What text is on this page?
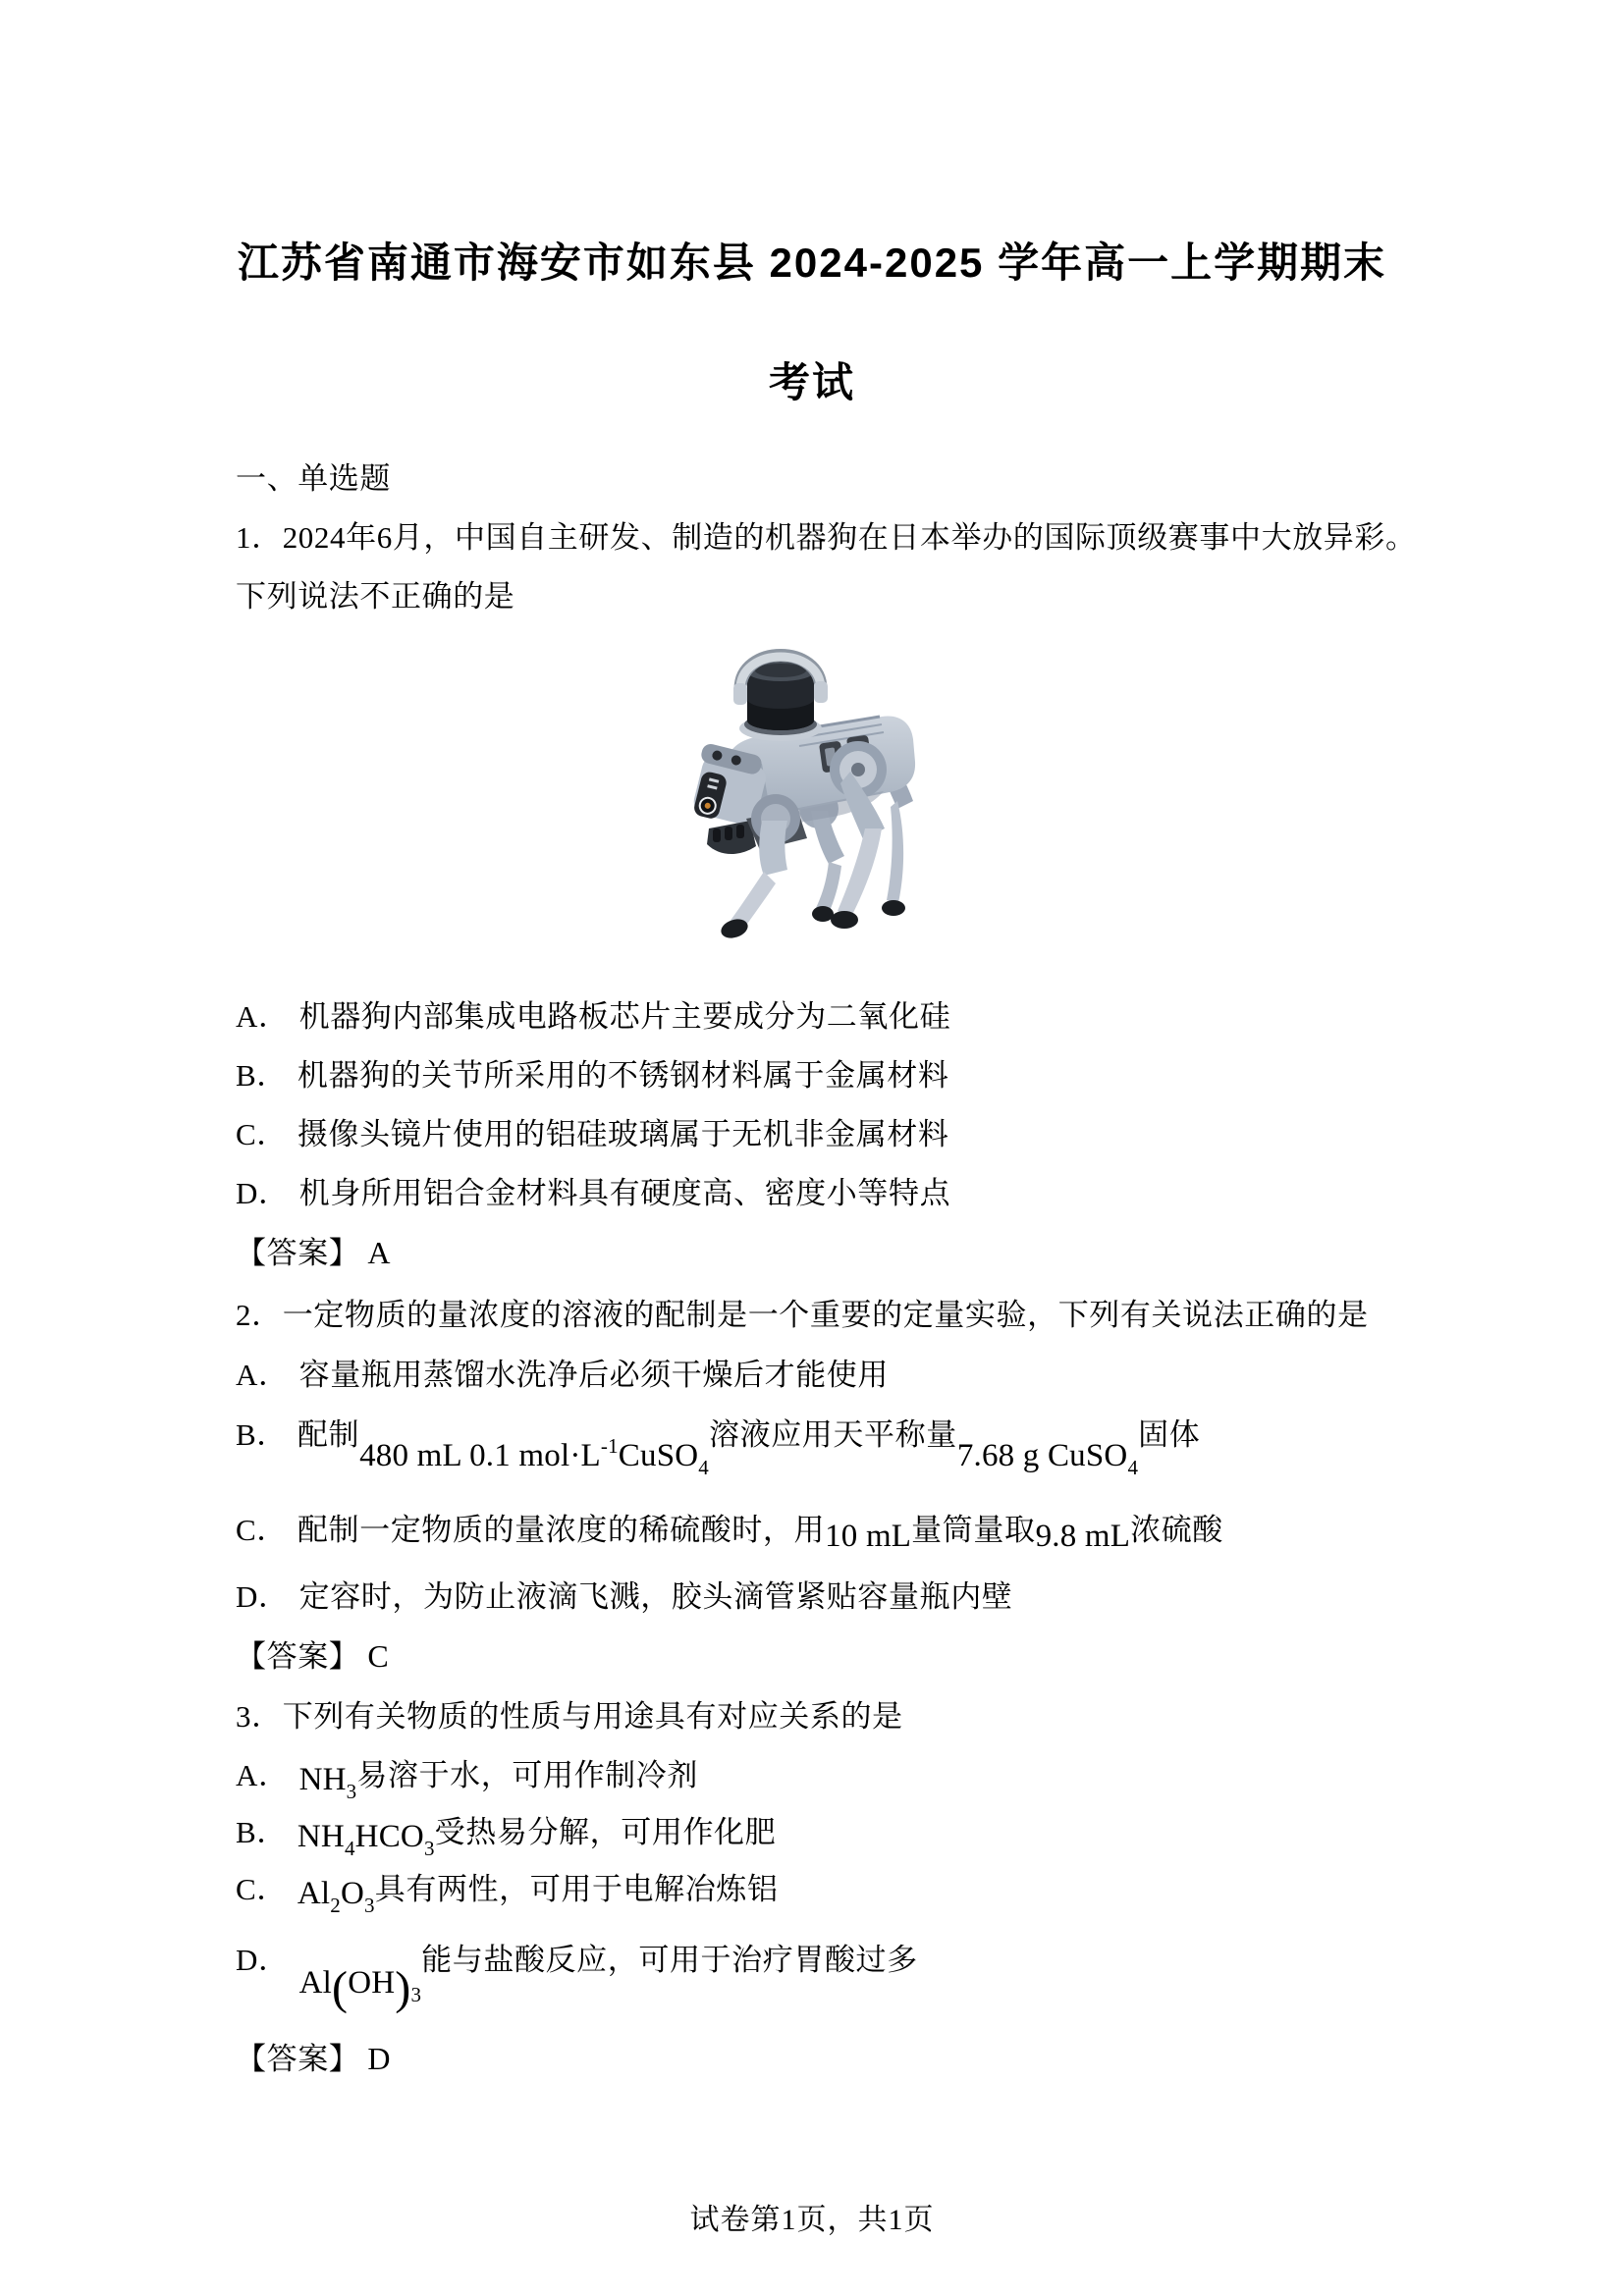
江苏省南通市海安市如东县 2024-2025 学年高一上学期期末
考试
一、单选题
1．2024年6月，中国自主研发、制造的机器狗在日本举办的国际顶级赛事中大放异彩。
下列说法不正确的是
A． 机器狗内部集成电路板芯片主要成分为二氧化硅
B． 机器狗的关节所采用的不锈钢材料属于金属材料
C． 摄像头镜片使用的铝硅玻璃属于无机非金属材料
D． 机身所用铝合金材料具有硬度高、密度小等特点
【答案】 A
2．一定物质的量浓度的溶液的配制是一个重要的定量实验，下列有关说法正确的是
A． 容量瓶用蒸馏水洗净后必须干燥后才能使用
B． 配制480 mL 0.1 $mol\cdot L^{-1}CuSO_4$溶液应用天平称量7.68 g CuSO$_4$固体
C． 配制一定物质的量浓度的稀硫酸时，用10 mL量筒量取9.8 mL浓硫酸
D． 定容时，为防止液滴飞溅，胶头滴管紧贴容量瓶内壁
【答案】 C
3．下列有关物质的性质与用途具有对应关系的是
A． $NH_3$易溶于水，可用作制冷剂
B． $NH_4HCO_3$受热易分解，可用作化肥
C． $Al_2O_3$具有两性，可用于电解冶炼铝
D．$Al(OH)_3$能与盐酸反应，可用于治疗胃酸过多
【答案】 D
试卷第1页，共1页
